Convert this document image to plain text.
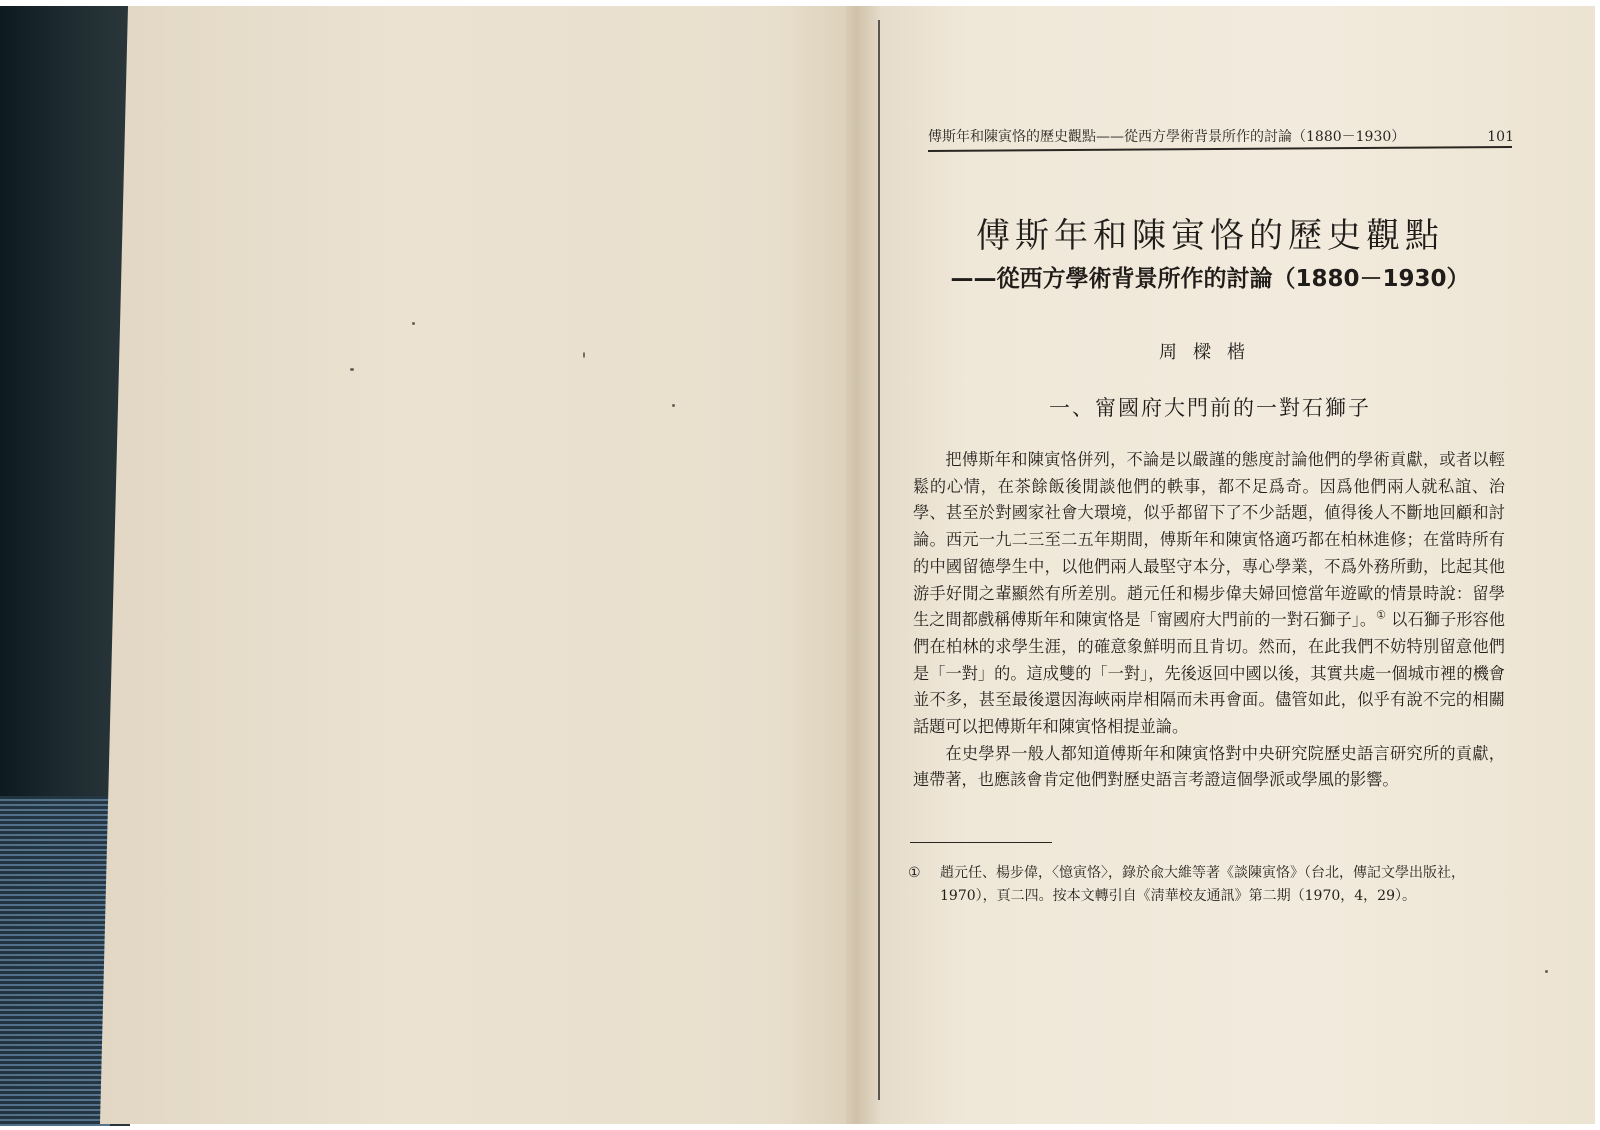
傅斯年和陳寅恪的歷史觀點——從西方學術背景所作的討論（1880－1930）	101
傅斯年和陳寅恪的歷史觀點
——從西方學術背景所作的討論（1880－1930）
周樑楷
一、甯國府大門前的一對石獅子

把傅斯年和陳寅恪併列，不論是以嚴謹的態度討論他們的學術貢獻，或者以輕鬆的心情，在茶餘飯後閒談他們的軼事，都不足爲奇。因爲他們兩人就私誼、治學、甚至於對國家社會大環境，似乎都留下了不少話題，値得後人不斷地回顧和討論。西元一九二三至二五年期間，傅斯年和陳寅恪適巧都在柏林進修；在當時所有的中國留德學生中，以他們兩人最堅守本分，專心學業，不爲外務所動，比起其他游手好閒之輩顯然有所差別。趙元任和楊步偉夫婦回憶當年遊歐的情景時說：留學生之間都戲稱傅斯年和陳寅恪是「甯國府大門前的一對石獅子」。① 以石獅子形容他們在柏林的求學生涯，的確意象鮮明而且肯切。然而，在此我們不妨特別留意他們是「一對」的。這成雙的「一對」，先後返回中國以後，其實共處一個城市裡的機會並不多，甚至最後還因海峽兩岸相隔而未再會面。儘管如此，似乎有說不完的相關話題可以把傅斯年和陳寅恪相提並論。

在史學界一般人都知道傅斯年和陳寅恪對中央研究院歷史語言研究所的貢獻，連帶著，也應該會肯定他們對歷史語言考證這個學派或學風的影響。

①	趙元任、楊步偉，〈憶寅恪〉，錄於兪大維等著《談陳寅恪》（台北，傳記文學出版社，1970），頁二四。按本文轉引自《淸華校友通訊》第二期（1970，4，29）。
